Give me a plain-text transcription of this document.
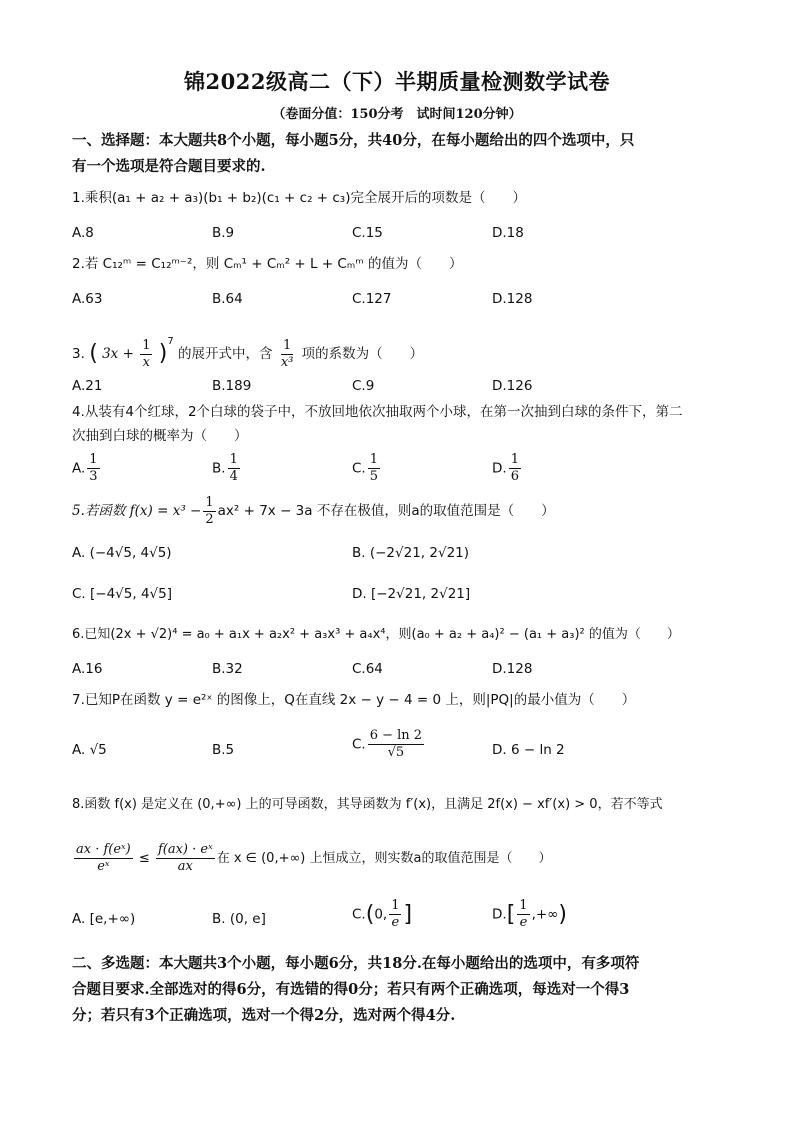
锦2022级高二（下）半期质量检测数学试卷
（卷面分值：150分考　试时间120分钟）
一、选择题：本大题共8个小题，每小题5分，共40分，在每小题给出的四个选项中，只
有一个选项是符合题目要求的.
1.乘积(a₁ + a₂ + a₃)(b₁ + b₂)(c₁ + c₂ + c₃)完全展开后的项数是（　　）
A.8	B.9	C.15	D.18
2.若 C₁₂ᵐ = C₁₂ᵐ⁻²，则 Cₘ¹ + Cₘ² + L + Cₘᵐ 的值为（　　）
A.63	B.64	C.127	D.128
3. ( $3x + \frac{1}{x} )^7$ 的展开式中，含 $\frac{1}{\text{x³}}$ 项的系数为（　　）
A.21	B.189	C.9	D.126
4.从装有4个红球，2个白球的袋子中，不放回地依次抽取两个小球，在第一次抽到白球的条件下，第二
次抽到白球的概率为（　　）
A. $\frac{1}{3}$	B. $\frac{1}{4}$	C. $\frac{1}{5}$	D. $\frac{1}{6}$
5.若函数 $f(x) = x^3 - \frac{1}{2} ax^2 + 7x - 3a$ 不存在极值，则a的取值范围是（　　）
A. (−4√5, 4√5)	B. (−2√21, 2√21)
C. [−4√5, 4√5]	D. [−2√21, 2√21]
6.已知(2x + √2)⁴ = a₀ + a₁x + a₂x² + a₃x³ + a₄x⁴，则(a₀ + a₂ + a₄)² − (a₁ + a₃)² 的值为（　　）
A.16	B.32	C.64	D.128
7.已知P在函数 y = e²ˣ 的图像上，Q在直线 2x − y − 4 = 0 上，则|PQ|的最小值为（　　）
A. √5	B.5	C. $\frac{6 - \ln 2}{√5}$	D. 6 − ln 2
8.函数 f(x) 是定义在 (0,+∞) 上的可导函数，其导函数为 f′(x)，且满足 2f(x) − xf′(x) > 0，若不等式
$\frac{\text{ax · f(eˣ)}}{\text{eˣ}} \le \frac{\text{f(ax) · eˣ}}{ax}$ 在 x ∈ (0,+∞) 上恒成立，则实数a的取值范围是（　　）
A. [e,+∞)	B. (0, e]	C.(0, $\frac{1}{e}$ ]	$D.[ \frac{1}{e}$ ,+∞)
二、多选题：本大题共3个小题，每小题6分，共18分.在每小题给出的选项中，有多项符
合题目要求.全部选对的得6分，有选错的得0分；若只有两个正确选项，每选对一个得3
分；若只有3个正确选项，选对一个得2分，选对两个得4分.
